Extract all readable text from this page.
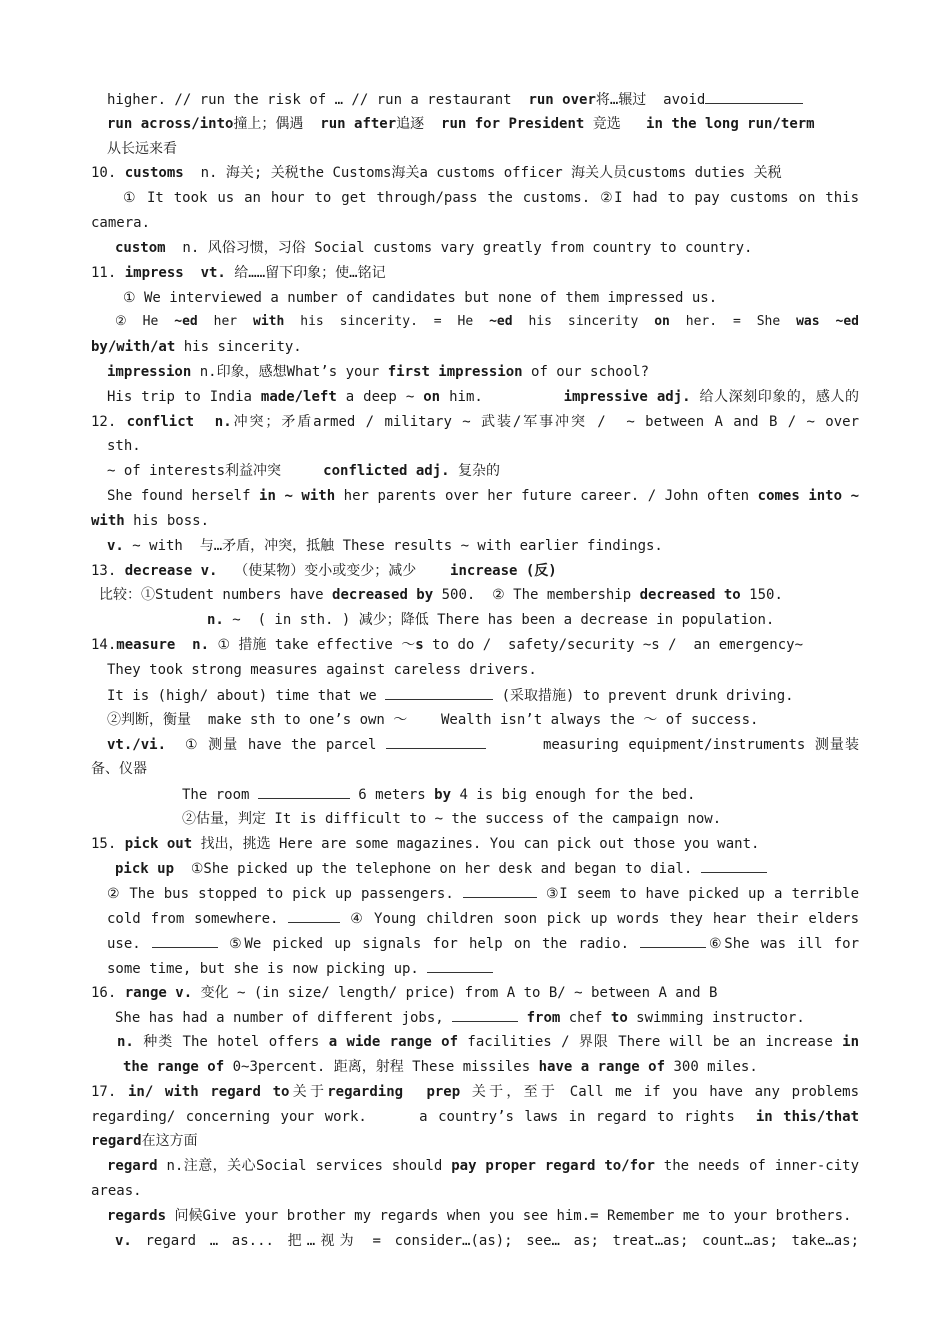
higher. // run the risk of … // run a restaurant  run over将…辗过  avoid
run across/into撞上；偶遇  run after追逐  run for President 竞选   in the long run/term
从长远来看
10. customs  n. 海关; 关税the Customs海关a customs officer 海关人员customs duties 关税
① It took us an hour to get through/pass the customs. ②I had to pay customs on this
camera.
custom  n. 风俗习惯，习俗 Social customs vary greatly from country to country.
11. impress  vt. 给……留下印象；使…铭记
① We interviewed a number of candidates but none of them impressed us.
②  He  ~ed  her  with  his  sincerity.  =  He  ~ed  his  sincerity  on  her.  =  She  was  ~ed
by/with/at his sincerity.
impression n.印象，感想What’s your first impression of our school?
His trip to India made/left a deep ~ on him.         impressive adj. 给人深刻印象的，感人的
12. conflict  n.冲突；矛盾armed / military ~ 武装/军事冲突 /  ~ between A and B / ~ over
sth.
~ of interests利益冲突     conflicted adj. 复杂的
She found herself in ~ with her parents over her future career. / John often comes into ~
with his boss.
v. ~ with  与…矛盾，冲突，抵触 These results ~ with earlier findings.
13. decrease v.  （使某物）变小或变少；减少    increase (反)
比较：①Student numbers have decreased by 500.  ② The membership decreased to 150.
n. ~  ( in sth. ) 减少；降低 There has been a decrease in population.
14.measure  n. ① 措施 take effective ～s to do /  safety/security ~s /  an emergency~
They took strong measures against careless drivers.
It is (high/ about) time that we	(采取措施) to prevent drunk driving.
②判断，衡量  make sth to one’s own ～    Wealth isn’t always the ～ of success.
vt./vi.  ① 测量 have the parcel	measuring equipment/instruments 测量装
备、仪器
The room	6 meters by 4 is big enough for the bed.
②估量，判定 It is difficult to ~ the success of the campaign now.
15. pick out 找出，挑选 Here are some magazines. You can pick out those you want.
pick up  ①She picked up the telephone on her desk and began to dial.
② The bus stopped to pick up passengers.	③I seem to have picked up a terrible
cold from somewhere.	④ Young children soon pick up words they hear their elders
use.	⑤We picked up signals for help on the radio.	⑥She was ill for
some time, but she is now picking up.
16. range v. 变化 ~ (in size/ length/ price) from A to B/ ~ between A and B
She has had a number of different jobs,	from chef to swimming instructor.
n. 种类 The hotel offers a wide range of facilities / 界限 There will be an increase in
the range of 0~3percent. 距离，射程 These missiles have a range of 300 miles.
17. in/ with regard to关于regarding  prep 关于，至于 Call me if you have any problems
regarding/ concerning your work.     a country’s laws in regard to rights  in this/that
regard在这方面
regard n.注意，关心Social services should pay proper regard to/for the needs of inner-city
areas.
regards 问候Give your brother my regards when you see him.= Remember me to your brothers.
v. regard … as... 把…视为 = consider…(as); see… as; treat…as; count…as; take…as;
